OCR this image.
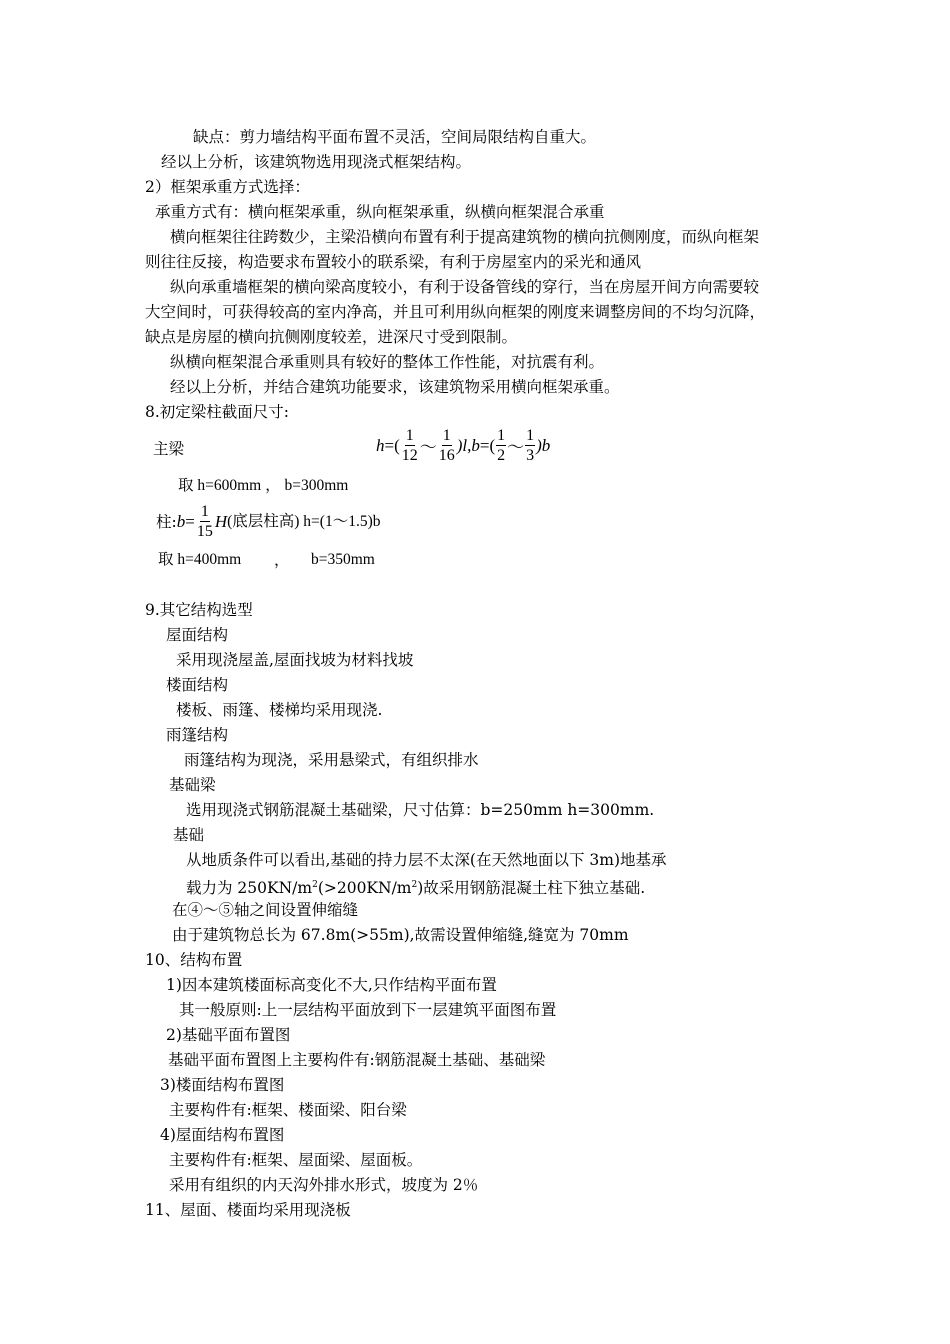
缺点：剪力墙结构平面布置不灵活，空间局限结构自重大。
经以上分析，该建筑物选用现浇式框架结构。
2）框架承重方式选择：
承重方式有：横向框架承重，纵向框架承重，纵横向框架混合承重
横向框架往往跨数少，主梁沿横向布置有利于提高建筑物的横向抗侧刚度，而纵向框架
则往往反接，构造要求布置较小的联系梁，有利于房屋室内的采光和通风
纵向承重墙框架的横向梁高度较小，有利于设备管线的穿行，当在房屋开间方向需要较
大空间时，可获得较高的室内净高，并且可利用纵向框架的刚度来调整房间的不均匀沉降，
缺点是房屋的横向抗侧刚度较差，进深尺寸受到限制。
纵横向框架混合承重则具有较好的整体工作性能，对抗震有利。
经以上分析，并结合建筑功能要求，该建筑物采用横向框架承重。
8.初定梁柱截面尺寸:
主梁	h =( $\frac{1}{12}$ ～ $\frac{1}{16} )l$ , b =( $\frac{1}{2}$ ～ $\frac{1}{3} )b$
取 h=600mm ， b=300mm
柱: $b = \frac{1}{15}$ H (底层柱高) h=(1～1.5)b
取 h=400mm ， b=350mm
9.其它结构选型
屋面结构
采用现浇屋盖,屋面找坡为材料找坡
楼面结构
楼板、雨篷、楼梯均采用现浇.
雨篷结构
雨篷结构为现浇，采用悬梁式，有组织排水
基础梁
选用现浇式钢筋混凝土基础梁，尺寸估算：b=250mm h=300mm.
基础
从地质条件可以看出,基础的持力层不太深(在天然地面以下 3m)地基承
载力为 $250KN/m^2(>200KN/m^2)$故采用钢筋混凝土柱下独立基础.
在④～⑤轴之间设置伸缩缝
由于建筑物总长为 67.8m(>55m),故需设置伸缩缝,缝宽为 70mm
10、结构布置
1)因本建筑楼面标高变化不大,只作结构平面布置
其一般原则:上一层结构平面放到下一层建筑平面图布置
2)基础平面布置图
基础平面布置图上主要构件有:钢筋混凝土基础、基础梁
3)楼面结构布置图
主要构件有:框架、楼面梁、阳台梁
4)屋面结构布置图
主要构件有:框架、屋面梁、屋面板。
采用有组织的内天沟外排水形式，坡度为 2％
11、屋面、楼面均采用现浇板
